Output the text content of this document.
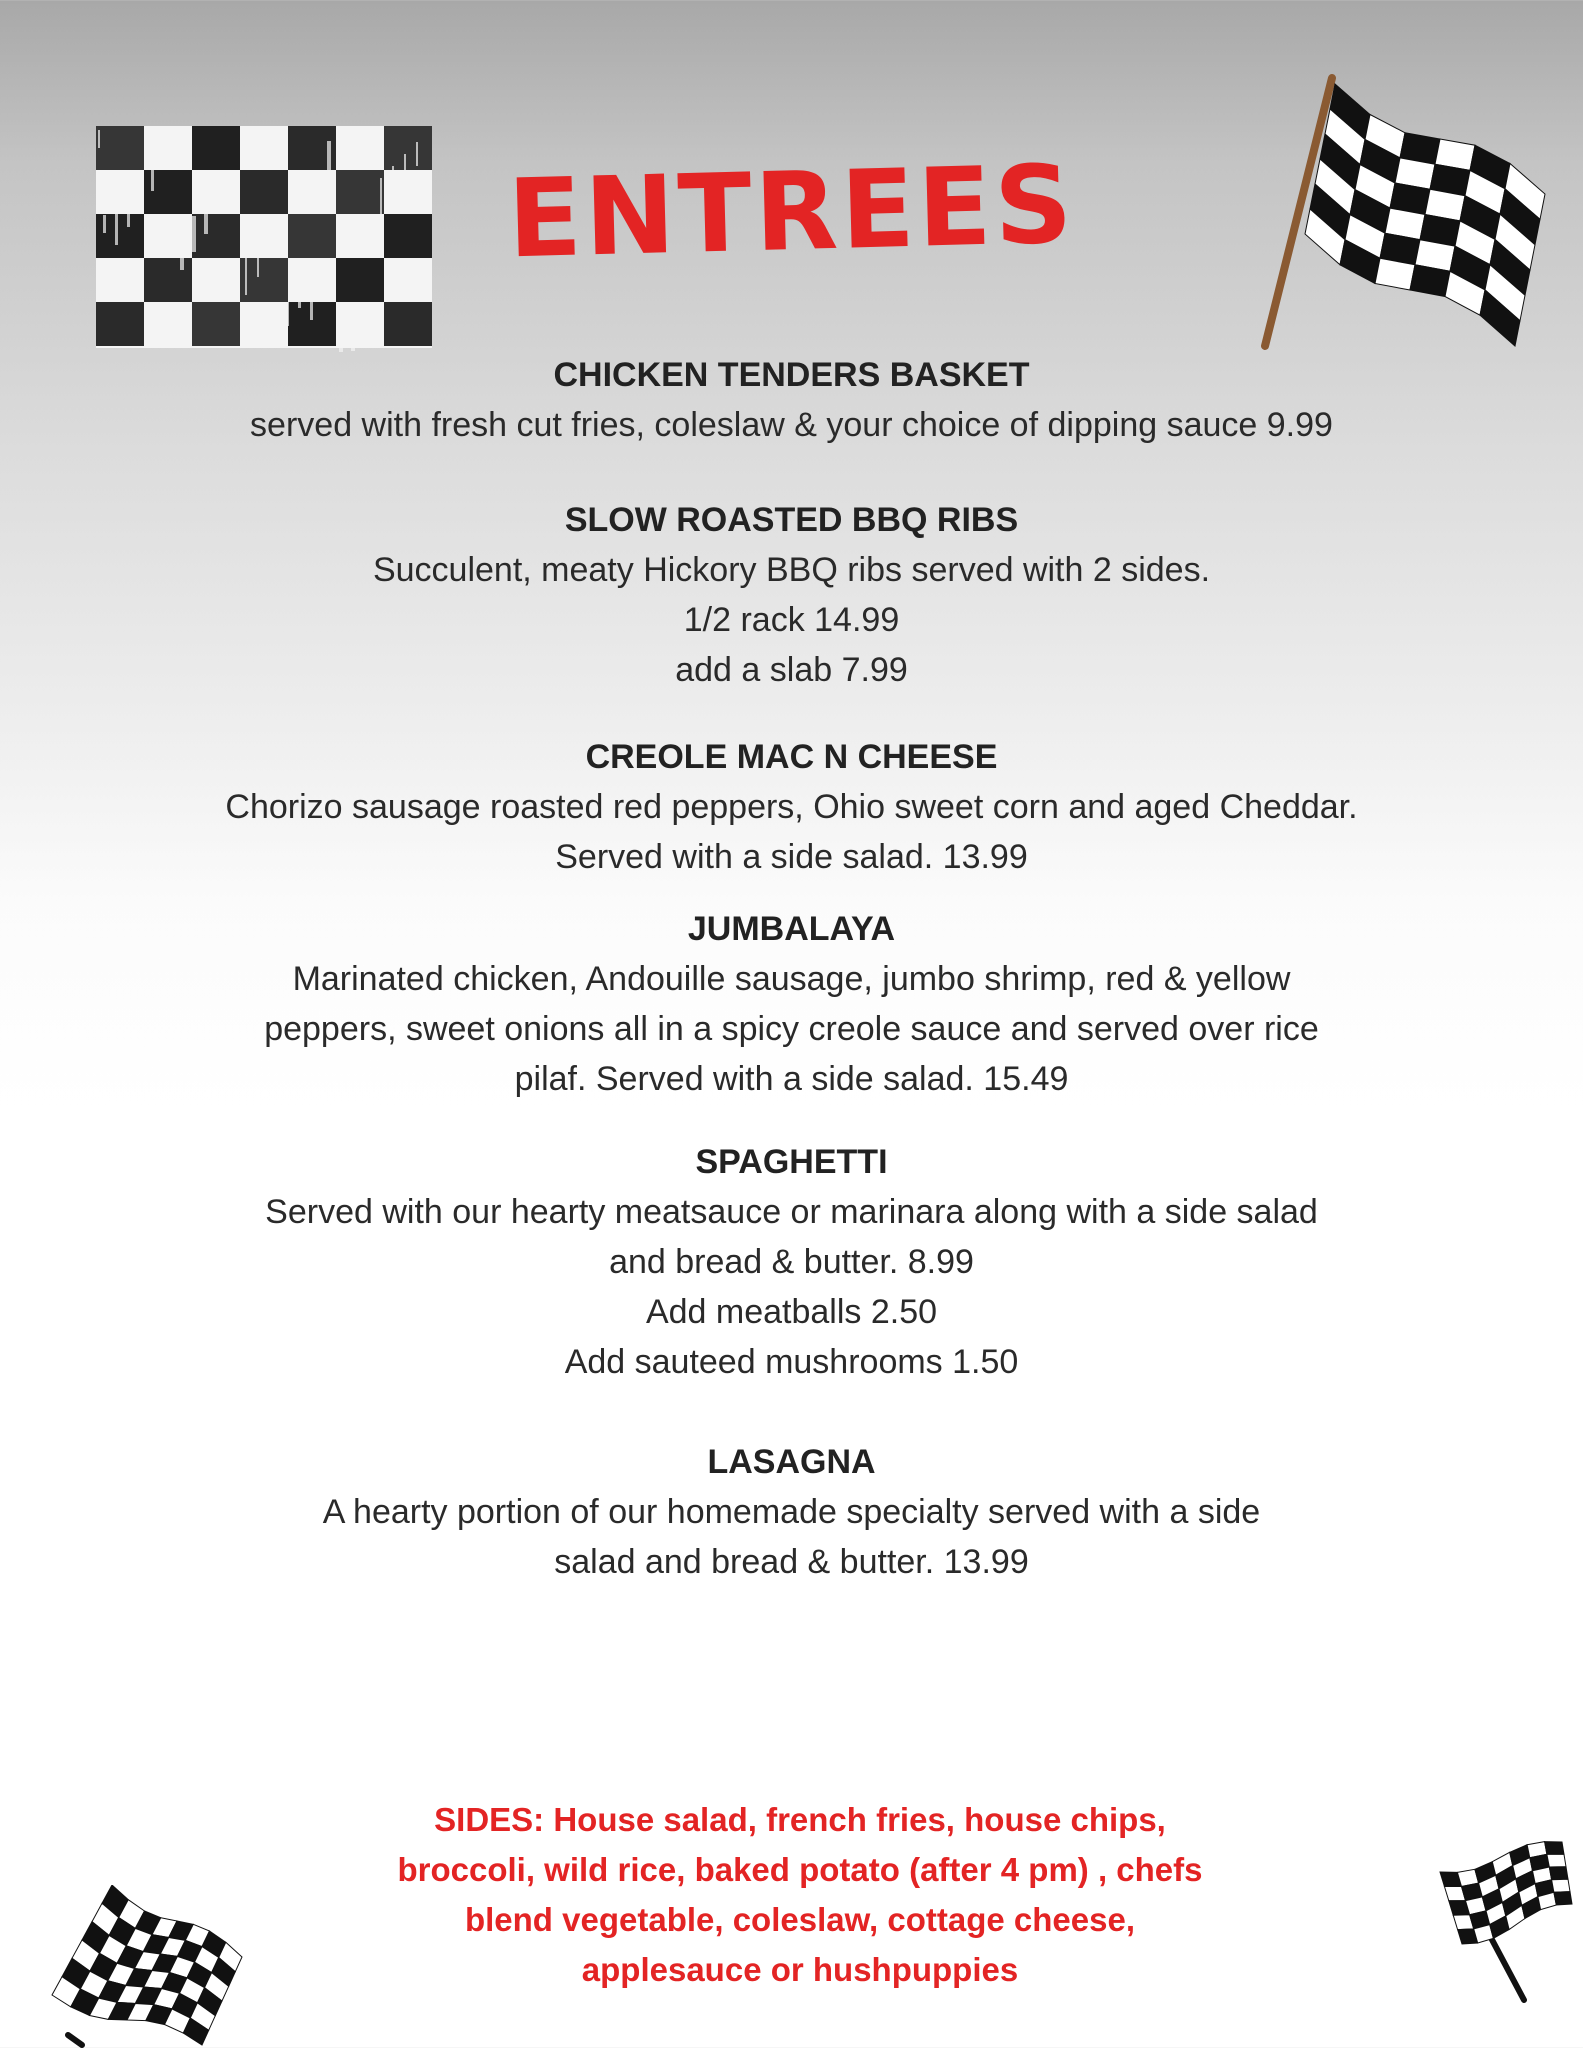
ENTREES
CHICKEN TENDERS BASKET
served with fresh cut fries, coleslaw & your choice of dipping sauce 9.99
SLOW ROASTED BBQ RIBS
Succulent, meaty Hickory BBQ ribs served with 2 sides.
1/2 rack 14.99
add a slab 7.99
CREOLE MAC N CHEESE
Chorizo sausage roasted red peppers, Ohio sweet corn and aged Cheddar.
Served with a side salad. 13.99
JUMBALAYA
Marinated chicken, Andouille sausage, jumbo shrimp, red & yellow
peppers, sweet onions all in a spicy creole sauce and served over rice
pilaf. Served with a side salad. 15.49
SPAGHETTI
Served with our hearty meatsauce or marinara along with a side salad
and bread & butter. 8.99
Add meatballs 2.50
Add sauteed mushrooms 1.50
LASAGNA
A hearty portion of our homemade specialty served with a side
salad and bread & butter. 13.99
SIDES: House salad, french fries, house chips,
broccoli, wild rice, baked potato (after 4 pm) , chefs
blend vegetable, coleslaw, cottage cheese,
applesauce or hushpuppies
